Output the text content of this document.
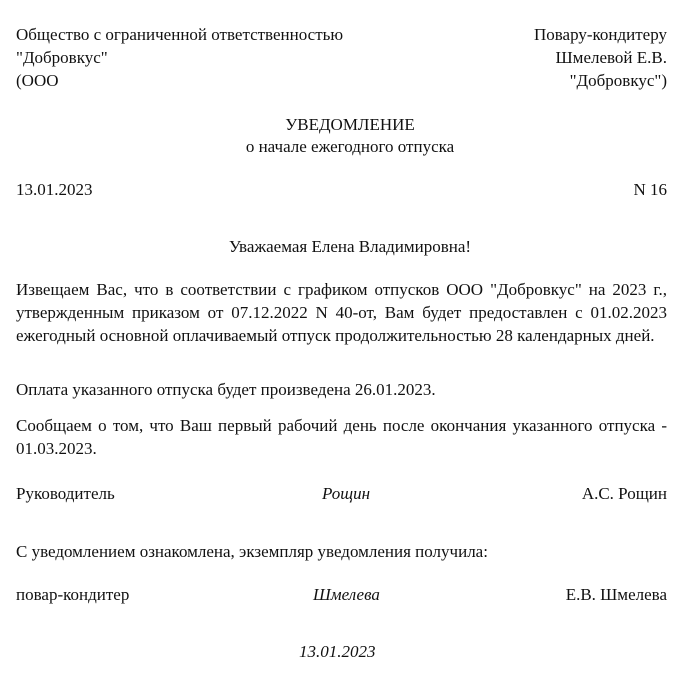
Общество с ограниченной ответственностью
"Добровкус"
(ООО
Повару-кондитеру
Шмелевой Е.В.
"Добровкус")
УВЕДОМЛЕНИЕ
о начале ежегодного отпуска
13.01.2023	N 16
Уважаемая Елена Владимировна!
Извещаем Вас, что в соответствии с графиком отпусков ООО "Добровкус" на 2023 г., утвержденным приказом от 07.12.2022 N 40-от, Вам будет предоставлен с 01.02.2023 ежегодный основной оплачиваемый отпуск продолжительностью 28 календарных дней.
Оплата указанного отпуска будет произведена 26.01.2023.
Сообщаем о том, что Ваш первый рабочий день после окончания указанного отпуска - 01.03.2023.
Руководитель	Рощин	А.С. Рощин
С уведомлением ознакомлена, экземпляр уведомления получила:
повар-кондитер	Шмелева	Е.В. Шмелева
13.01.2023
